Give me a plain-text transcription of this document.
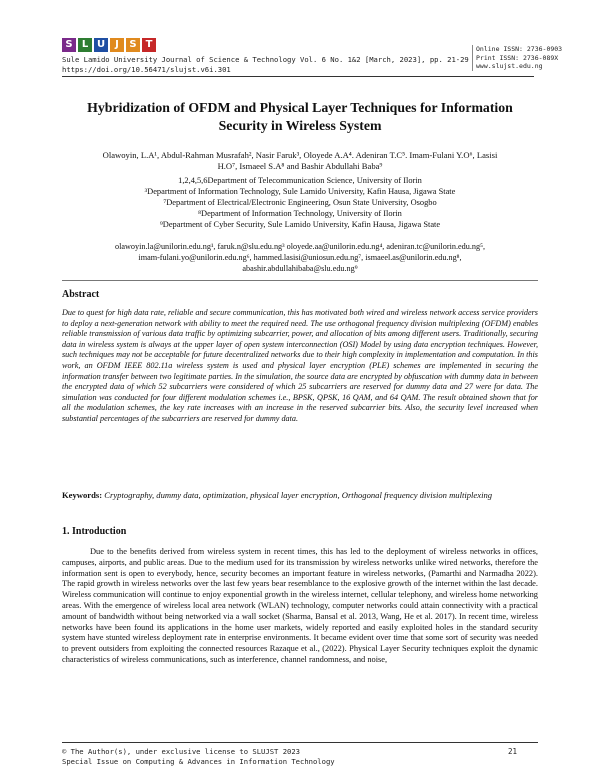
S L U	J	S T
Sule Lamido University Journal of Science & Technology Vol. 6 No. 1&2 [March, 2023], pp. 21-29
https://doi.org/10.56471/slujst.v6i.301
Online ISSN: 2736-0903
Print ISSN: 2736-089X
www.slujst.edu.ng
Hybridization of OFDM and Physical Layer Techniques for Information
Security in Wireless System
Olawoyin, L.A¹, Abdul-Rahman Musrafah², Nasir Faruk³, Oloyede A.A⁴. Adeniran T.C⁵. Imam-Fulani Y.O⁶, Lasisi
H.O⁷, Ismaeel S.A⁸ and Bashir Abdullahi Baba⁹
1,2,4,5,6Department of Telecommunication Science, University of Ilorin
³Department of Information Technology, Sule Lamido University, Kafin Hausa, Jigawa State
⁷Department of Electrical/Electronic Engineering, Osun State University, Osogbo
⁸Department of Information Technology, University of Ilorin
⁹Department of Cyber Security, Sule Lamido University, Kafin Hausa, Jigawa State
olawoyin.la@unilorin.edu.ng¹, faruk.n@slu.edu.ng³ oloyede.aa@unilorin.edu.ng⁴, adeniran.tc@unilorin.edu.ng⁵,
imam-fulani.yo@unilorin.edu.ng⁶, hammed.lasisi@uniosun.edu.ng⁷, ismaeel.as@unilorin.edu.ng⁸,
abashir.abdullahibaba@slu.edu.ng⁹
Abstract
Due to quest for high data rate, reliable and secure communication, this has motivated both wired and wireless network access service providers to deploy a next-generation network with ability to meet the required need. The use orthogonal frequency division multiplexing (OFDM) enables reliable transmission of various data traffic by optimizing subcarrier, power, and allocation of bits among different users. Traditionally, securing data in wireless system is always at the upper layer of open system interconnection (OSI) Model by using data encryption techniques. However, such techniques may not be acceptable for future decentralized networks due to their high complexity in implementation and computation. In this work, an OFDM IEEE 802.11a wireless system is used and physical layer encryption (PLE) schemes are implemented in securing the information transfer between two legitimate parties. In the simulation, the source data are encrypted by obfuscation with dummy data in between the encrypted data of which 52 subcarriers were considered of which 25 subcarriers are reserved for dummy data and 27 were for data. The simulation was conducted for four different modulation schemes i.e., BPSK, QPSK, 16 QAM, and 64 QAM. The result obtained shown that for all the modulation schemes, the key rate increases with an increase in the reserved subcarrier bits. Also, the security level increased when substantial percentages of the subcarriers are reserved for dummy data.
Keywords: Cryptography, dummy data, optimization, physical layer encryption, Orthogonal frequency division multiplexing
1. Introduction
Due to the benefits derived from wireless system in recent times, this has led to the deployment of wireless networks in offices, campuses, airports, and public areas. Due to the medium used for its transmission by wireless networks unlike wired networks, therefore the information sent is open to everybody, hence, security becomes an important feature in wireless networks, (Pamarthi and Narmadha 2022). The rapid growth in wireless networks over the last few years bear resemblance to the explosive growth of the internet within the last decade. Wireless communication will continue to enjoy exponential growth in the wireless internet, cellular telephony, and wireless home networking areas. With the emergence of wireless local area network (WLAN) technology, computer networks could attain connectivity with a practical amount of bandwidth without being networked via a wall socket (Sharma, Bansal et al. 2013, Wang, He et al. 2017). In recent time, wireless networks have been found its applications in the home user markets, widely reported and easily exploited holes in the standard security system have stunted wireless deployment rate in enterprise environments. It became evident over time that some sort of security was needed to prevent outsiders from exploiting the connected resources Razaque et al., (2022). Physical Layer Security techniques exploit the dynamic characteristics of wireless communications, such as interference, channel randomness, and noise,
© The Author(s), under exclusive license to SLUJST 2023
Special Issue on Computing & Advances in Information Technology
21
